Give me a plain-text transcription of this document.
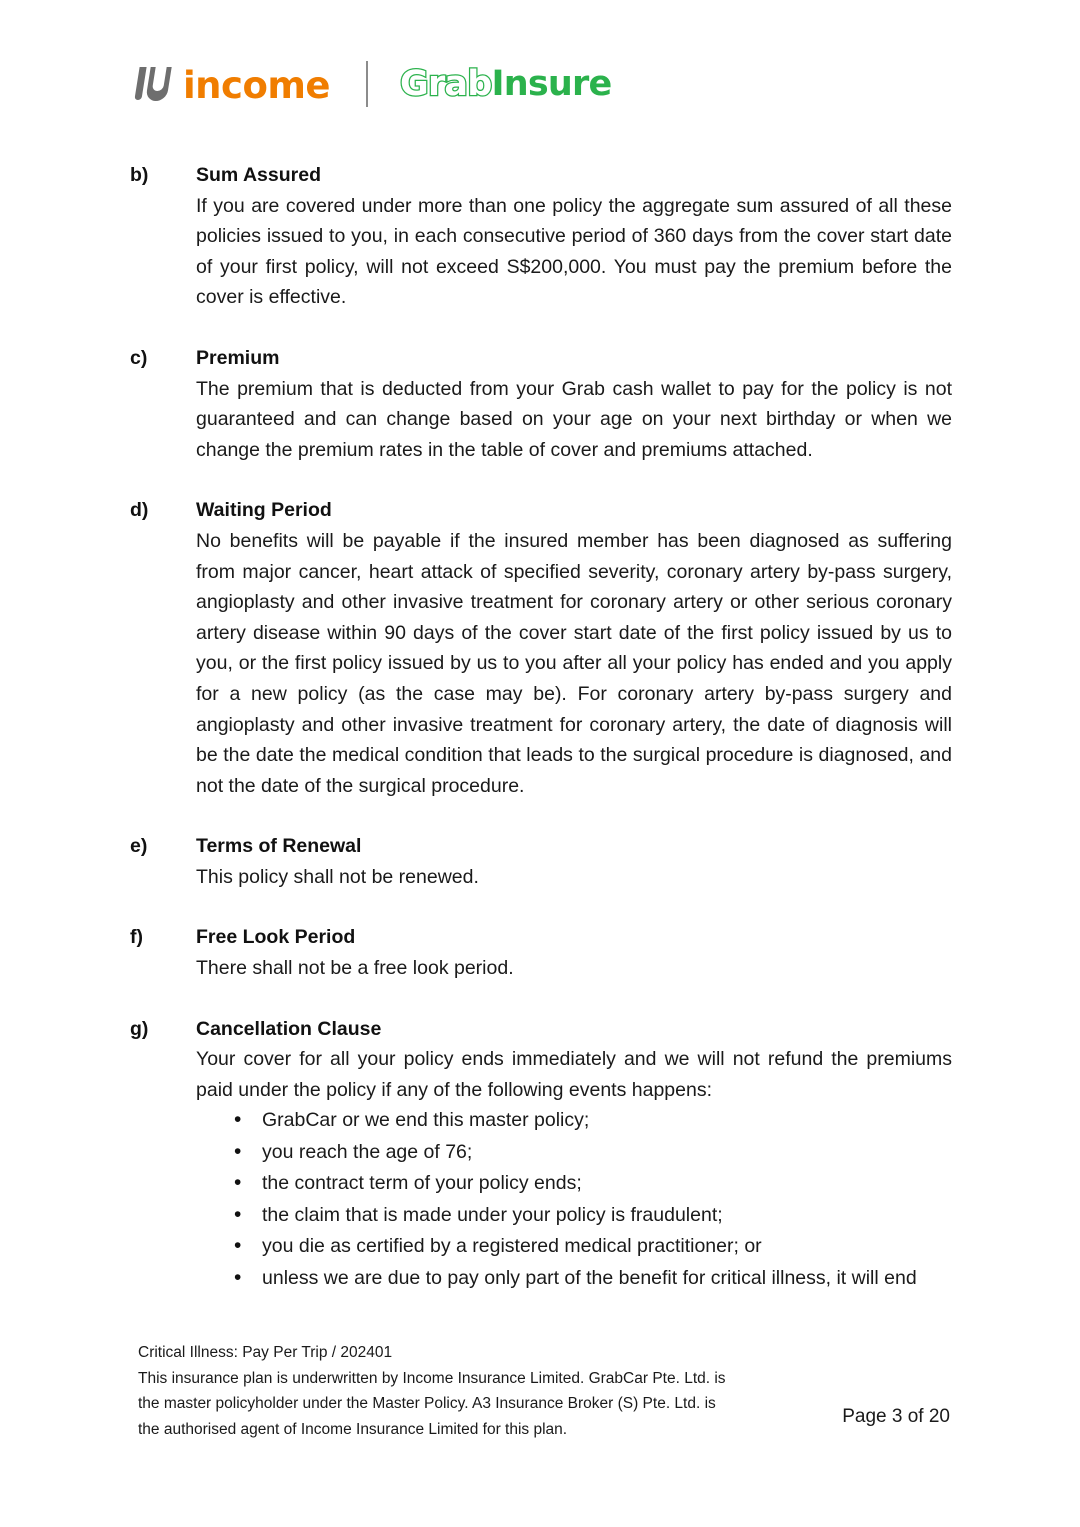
income Grab Insure
b)	Sum Assured

If you are covered under more than one policy the aggregate sum assured of all these policies issued to you, in each consecutive period of 360 days from the cover start date of your first policy, will not exceed S$200,000. You must pay the premium before the cover is effective.

c)	Premium

The premium that is deducted from your Grab cash wallet to pay for the policy is not guaranteed and can change based on your age on your next birthday or when we change the premium rates in the table of cover and premiums attached.

d)	Waiting Period

No benefits will be payable if the insured member has been diagnosed as suffering from major cancer, heart attack of specified severity, coronary artery by-pass surgery, angioplasty and other invasive treatment for coronary artery or other serious coronary artery disease within 90 days of the cover start date of the first policy issued by us to you, or the first policy issued by us to you after all your policy has ended and you apply for a new policy (as the case may be). For coronary artery by-pass surgery and angioplasty and other invasive treatment for coronary artery, the date of diagnosis will be the date the medical condition that leads to the surgical procedure is diagnosed, and not the date of the surgical procedure.

e)	Terms of Renewal

This policy shall not be renewed.

f)	Free Look Period

There shall not be a free look period.

g)	Cancellation Clause

Your cover for all your policy ends immediately and we will not refund the premiums paid under the policy if any of the following events happens:

• GrabCar or we end this master policy;
• you reach the age of 76;
• the contract term of your policy ends;
• the claim that is made under your policy is fraudulent;
• you die as certified by a registered medical practitioner; or
• unless we are due to pay only part of the benefit for critical illness, it will end
Critical Illness: Pay Per Trip / 202401
This insurance plan is underwritten by Income Insurance Limited. GrabCar Pte. Ltd. is
the master policyholder under the Master Policy. A3 Insurance Broker (S) Pte. Ltd. is
the authorised agent of Income Insurance Limited for this plan.
Page 3 of 20
